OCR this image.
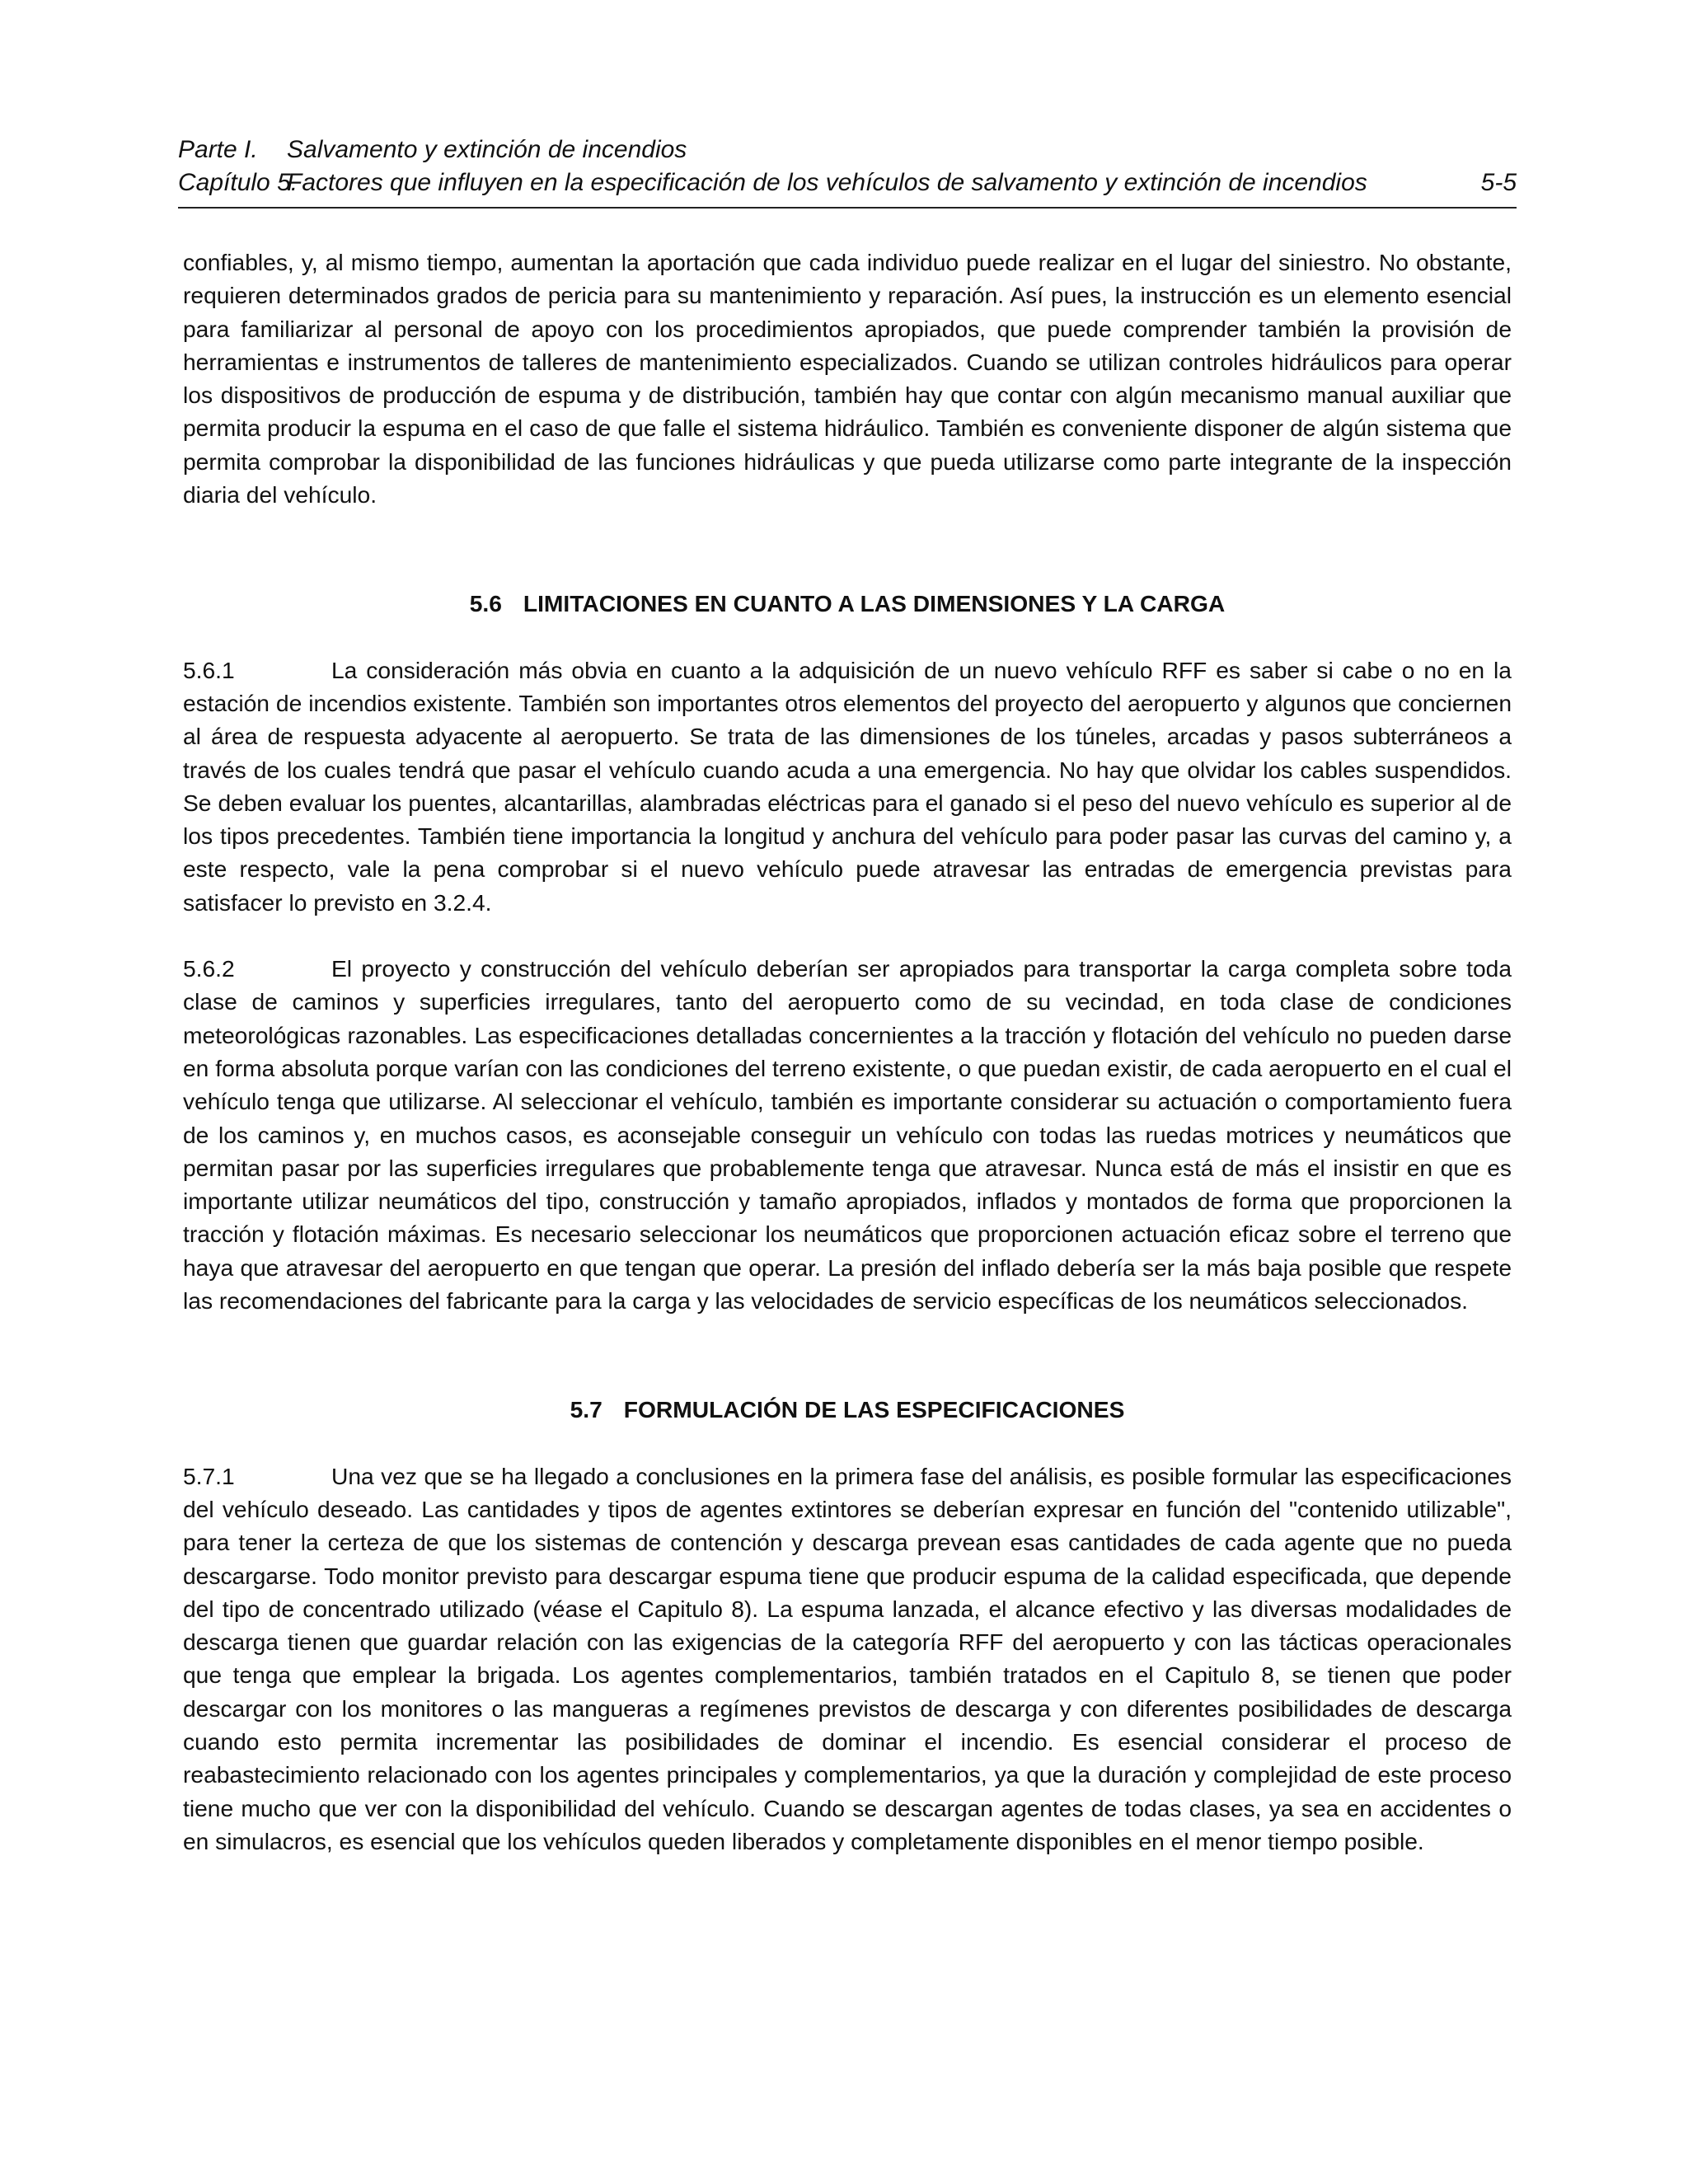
Parte I.	Salvamento y extinción de incendios
Capítulo 5.
Factores que influyen en la especificación de los vehículos de salvamento y extinción de incendios	5-5

confiables, y, al mismo tiempo, aumentan la aportación que cada individuo puede realizar en el lugar del siniestro. No obstante, requieren determinados grados de pericia para su mantenimiento y reparación. Así pues, la instrucción es un elemento esencial para familiarizar al personal de apoyo con los procedimientos apropiados, que puede comprender también la provisión de herramientas e instrumentos de talleres de mantenimiento especializados. Cuando se utilizan controles hidráulicos para operar los dispositivos de producción de espuma y de distribución, también hay que contar con algún mecanismo manual auxiliar que permita producir la espuma en el caso de que falle el sistema hidráulico. También es conveniente disponer de algún sistema que permita comprobar la disponibilidad de las funciones hidráulicas y que pueda utilizarse como parte integrante de la inspección diaria del vehículo.

5.6 LIMITACIONES EN CUANTO A LAS DIMENSIONES Y LA CARGA

5.6.1	La consideración más obvia en cuanto a la adquisición de un nuevo vehículo RFF es saber si cabe o no en la estación de incendios existente. También son importantes otros elementos del proyecto del aeropuerto y algunos que conciernen al área de respuesta adyacente al aeropuerto. Se trata de las dimensiones de los túneles, arcadas y pasos subterráneos a través de los cuales tendrá que pasar el vehículo cuando acuda a una emergencia. No hay que olvidar los cables suspendidos. Se deben evaluar los puentes, alcantarillas, alambradas eléctricas para el ganado si el peso del nuevo vehículo es superior al de los tipos precedentes. También tiene importancia la longitud y anchura del vehículo para poder pasar las curvas del camino y, a este respecto, vale la pena comprobar si el nuevo vehículo puede atravesar las entradas de emergencia previstas para satisfacer lo previsto en 3.2.4.

5.6.2	El proyecto y construcción del vehículo deberían ser apropiados para transportar la carga completa sobre toda clase de caminos y superficies irregulares, tanto del aeropuerto como de su vecindad, en toda clase de condiciones meteorológicas razonables. Las especificaciones detalladas concernientes a la tracción y flotación del vehículo no pueden darse en forma absoluta porque varían con las condiciones del terreno existente, o que puedan existir, de cada aeropuerto en el cual el vehículo tenga que utilizarse. Al seleccionar el vehículo, también es importante considerar su actuación o comportamiento fuera de los caminos y, en muchos casos, es aconsejable conseguir un vehículo con todas las ruedas motrices y neumáticos que permitan pasar por las superficies irregulares que probablemente tenga que atravesar. Nunca está de más el insistir en que es importante utilizar neumáticos del tipo, construcción y tamaño apropiados, inflados y montados de forma que proporcionen la tracción y flotación máximas. Es necesario seleccionar los neumáticos que proporcionen actuación eficaz sobre el terreno que haya que atravesar del aeropuerto en que tengan que operar. La presión del inflado debería ser la más baja posible que respete las recomendaciones del fabricante para la carga y las velocidades de servicio específicas de los neumáticos seleccionados.

5.7 FORMULACIÓN DE LAS ESPECIFICACIONES

5.7.1	Una vez que se ha llegado a conclusiones en la primera fase del análisis, es posible formular las especificaciones del vehículo deseado. Las cantidades y tipos de agentes extintores se deberían expresar en función del "contenido utilizable", para tener la certeza de que los sistemas de contención y descarga prevean esas cantidades de cada agente que no pueda descargarse. Todo monitor previsto para descargar espuma tiene que producir espuma de la calidad especificada, que depende del tipo de concentrado utilizado (véase el Capitulo 8). La espuma lanzada, el alcance efectivo y las diversas modalidades de descarga tienen que guardar relación con las exigencias de la categoría RFF del aeropuerto y con las tácticas operacionales que tenga que emplear la brigada. Los agentes complementarios, también tratados en el Capitulo 8, se tienen que poder descargar con los monitores o las mangueras a regímenes previstos de descarga y con diferentes posibilidades de descarga cuando esto permita incrementar las posibilidades de dominar el incendio. Es esencial considerar el proceso de reabastecimiento relacionado con los agentes principales y complementarios, ya que la duración y complejidad de este proceso tiene mucho que ver con la disponibilidad del vehículo. Cuando se descargan agentes de todas clases, ya sea en accidentes o en simulacros, es esencial que los vehículos queden liberados y completamente disponibles en el menor tiempo posible.
